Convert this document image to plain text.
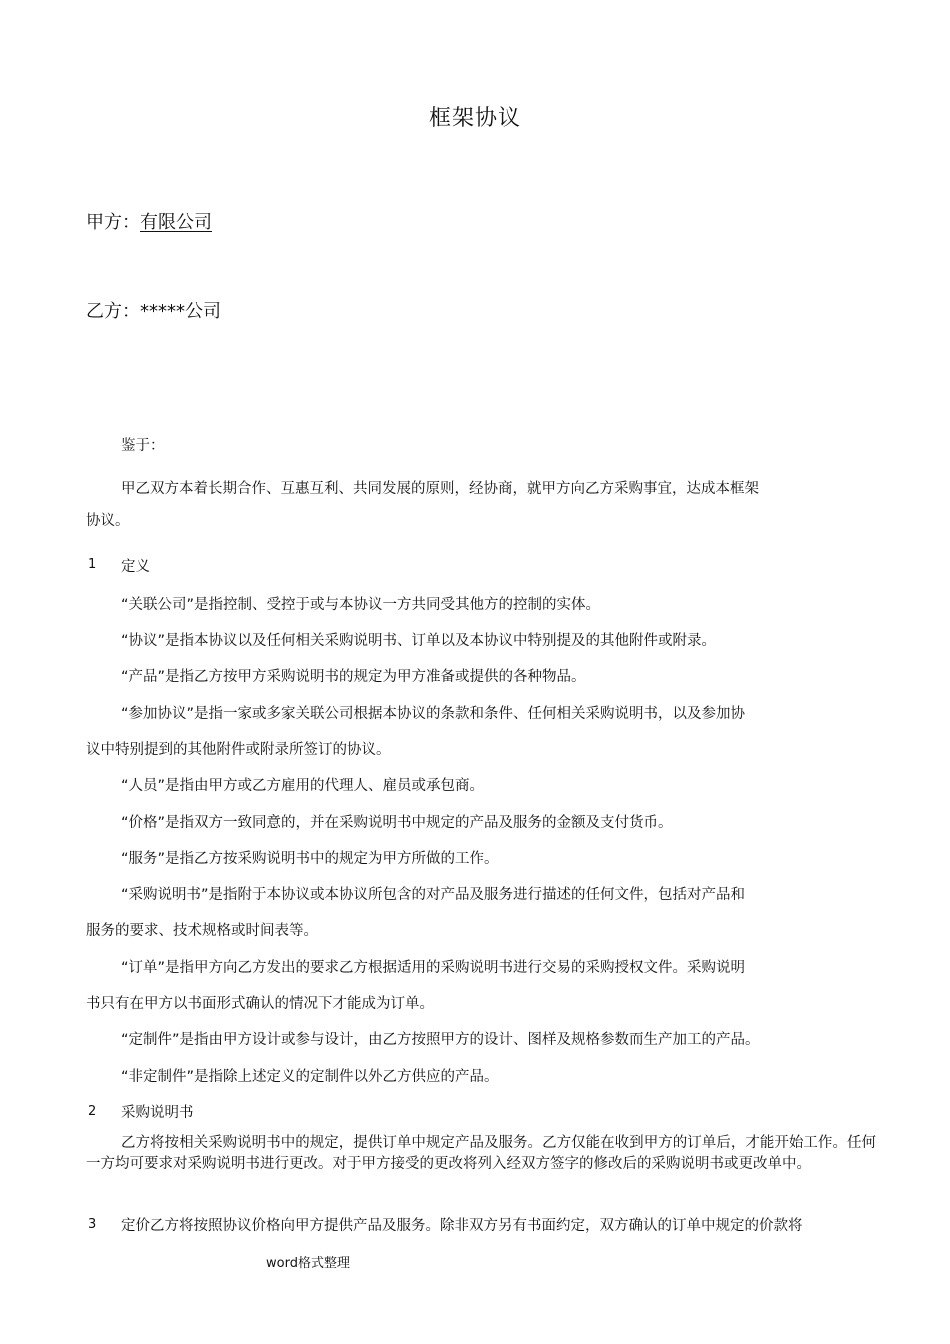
框架协议
甲方：有限公司
乙方：*****公司
鉴于：
甲乙双方本着长期合作、互惠互利、共同发展的原则，经协商，就甲方向乙方采购事宜，达成本框架
协议。
1 定义
“关联公司”是指控制、受控于或与本协议一方共同受其他方的控制的实体。
“协议”是指本协议以及任何相关采购说明书、订单以及本协议中特别提及的其他附件或附录。
“产品”是指乙方按甲方采购说明书的规定为甲方准备或提供的各种物品。
“参加协议”是指一家或多家关联公司根据本协议的条款和条件、任何相关采购说明书，以及参加协
议中特别提到的其他附件或附录所签订的协议。
“人员”是指由甲方或乙方雇用的代理人、雇员或承包商。
“价格”是指双方一致同意的，并在采购说明书中规定的产品及服务的金额及支付货币。
“服务”是指乙方按采购说明书中的规定为甲方所做的工作。
“采购说明书”是指附于本协议或本协议所包含的对产品及服务进行描述的任何文件，包括对产品和
服务的要求、技术规格或时间表等。
“订单”是指甲方向乙方发出的要求乙方根据适用的采购说明书进行交易的采购授权文件。采购说明
书只有在甲方以书面形式确认的情况下才能成为订单。
“定制件”是指由甲方设计或参与设计，由乙方按照甲方的设计、图样及规格参数而生产加工的产品。
“非定制件”是指除上述定义的定制件以外乙方供应的产品。
2 采购说明书
乙方将按相关采购说明书中的规定，提供订单中规定产品及服务。乙方仅能在收到甲方的订单后，才能开始工作。任何一方均可要求对采购说明书进行更改。对于甲方接受的更改将列入经双方签字的修改后的采购说明书或更改单中。
3 定价乙方将按照协议价格向甲方提供产品及服务。除非双方另有书面约定，双方确认的订单中规定的价款将
word格式整理
